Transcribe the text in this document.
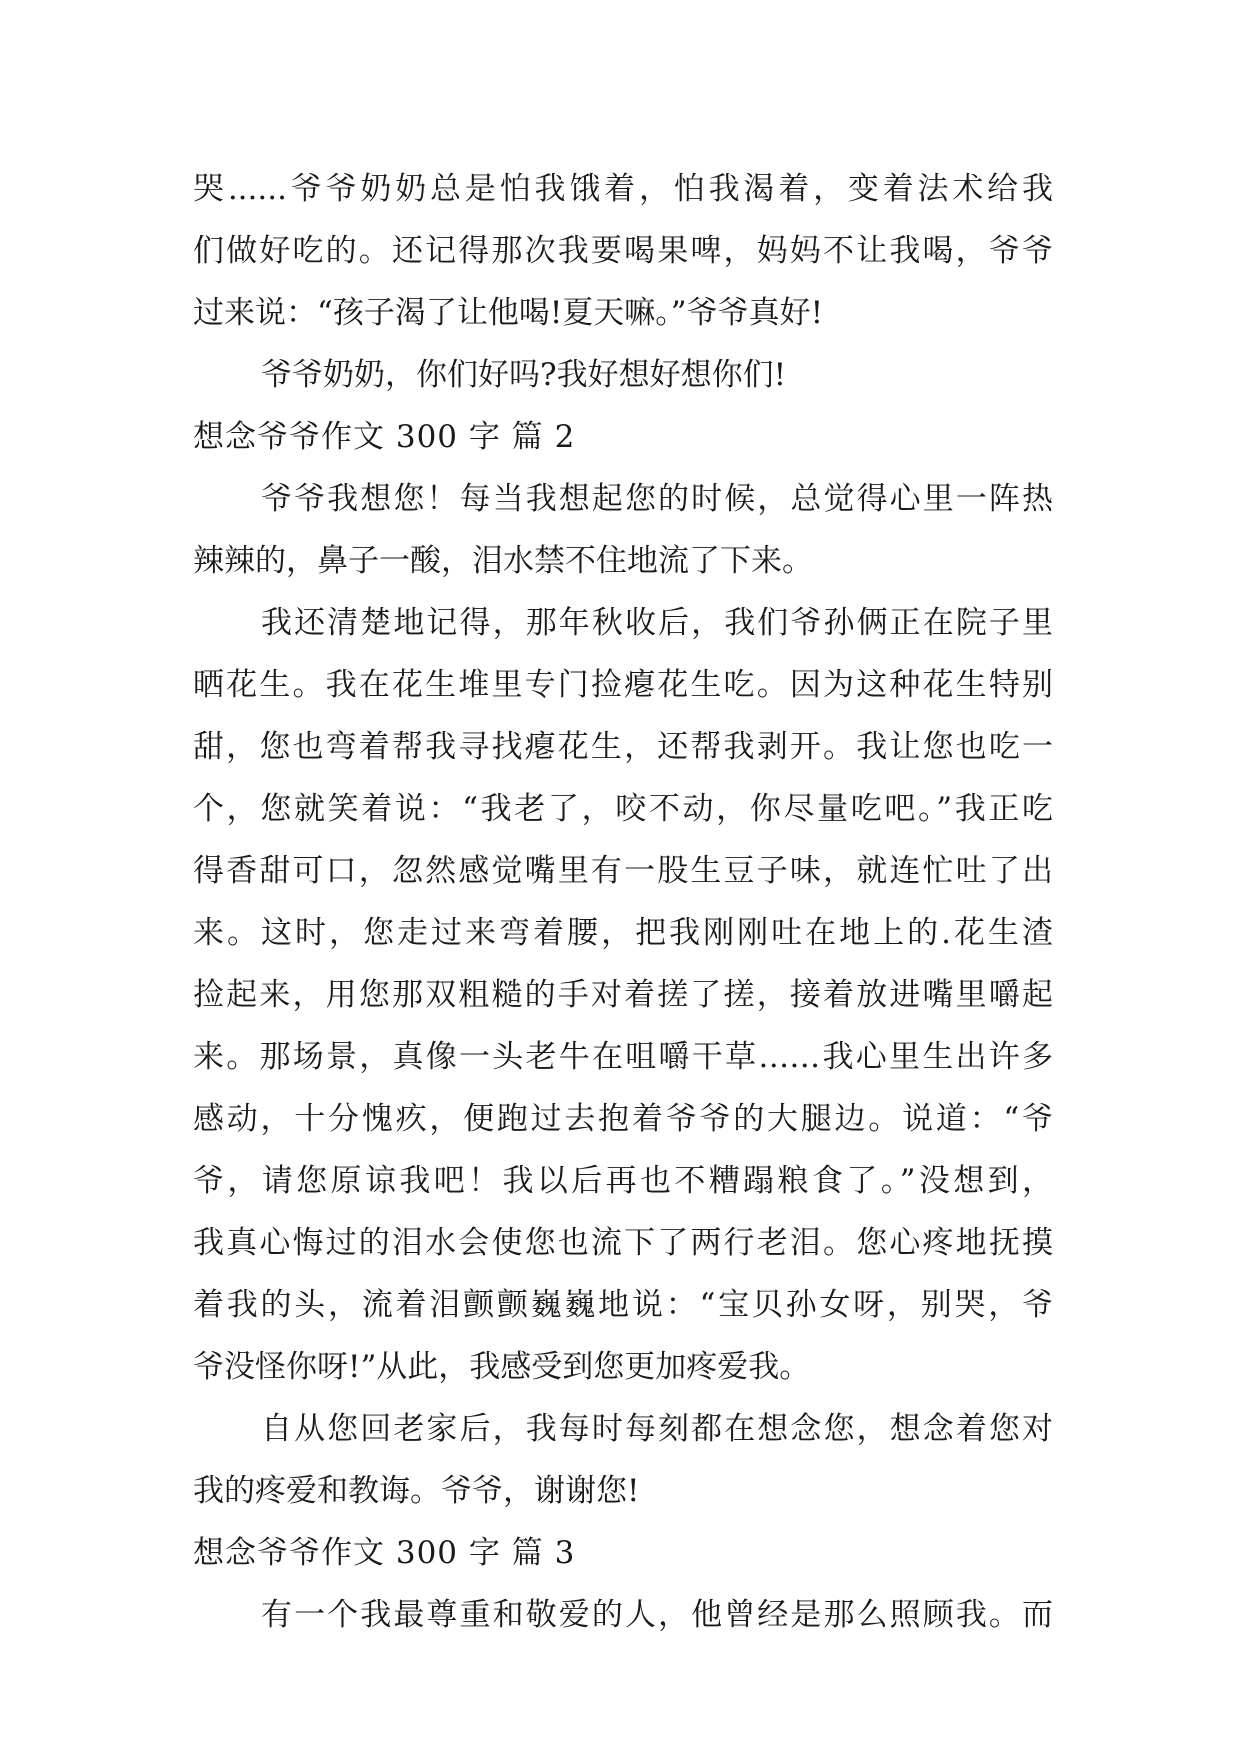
哭......爷爷奶奶总是怕我饿着，怕我渴着，变着法术给我
们做好吃的。还记得那次我要喝果啤，妈妈不让我喝，爷爷
过来说：“孩子渴了让他喝!夏天嘛。”爷爷真好!
爷爷奶奶，你们好吗?我好想好想你们!
想念爷爷作文 300 字 篇 2
爷爷我想您！每当我想起您的时候，总觉得心里一阵热
辣辣的，鼻子一酸，泪水禁不住地流了下来。
我还清楚地记得，那年秋收后，我们爷孙俩正在院子里
晒花生。我在花生堆里专门捡瘪花生吃。因为这种花生特别
甜，您也弯着帮我寻找瘪花生，还帮我剥开。我让您也吃一
个，您就笑着说：“我老了，咬不动，你尽量吃吧。”我正吃
得香甜可口，忽然感觉嘴里有一股生豆子味，就连忙吐了出
来。这时，您走过来弯着腰，把我刚刚吐在地上的.花生渣
捡起来，用您那双粗糙的手对着搓了搓，接着放进嘴里嚼起
来。那场景，真像一头老牛在咀嚼干草……我心里生出许多
感动，十分愧疚，便跑过去抱着爷爷的大腿边。说道：“爷
爷，请您原谅我吧！我以后再也不糟蹋粮食了。”没想到，
我真心悔过的泪水会使您也流下了两行老泪。您心疼地抚摸
着我的头，流着泪颤颤巍巍地说：“宝贝孙女呀，别哭，爷
爷没怪你呀!”从此，我感受到您更加疼爱我。
自从您回老家后，我每时每刻都在想念您，想念着您对
我的疼爱和教诲。爷爷，谢谢您!
想念爷爷作文 300 字 篇 3
有一个我最尊重和敬爱的人，他曾经是那么照顾我。而
